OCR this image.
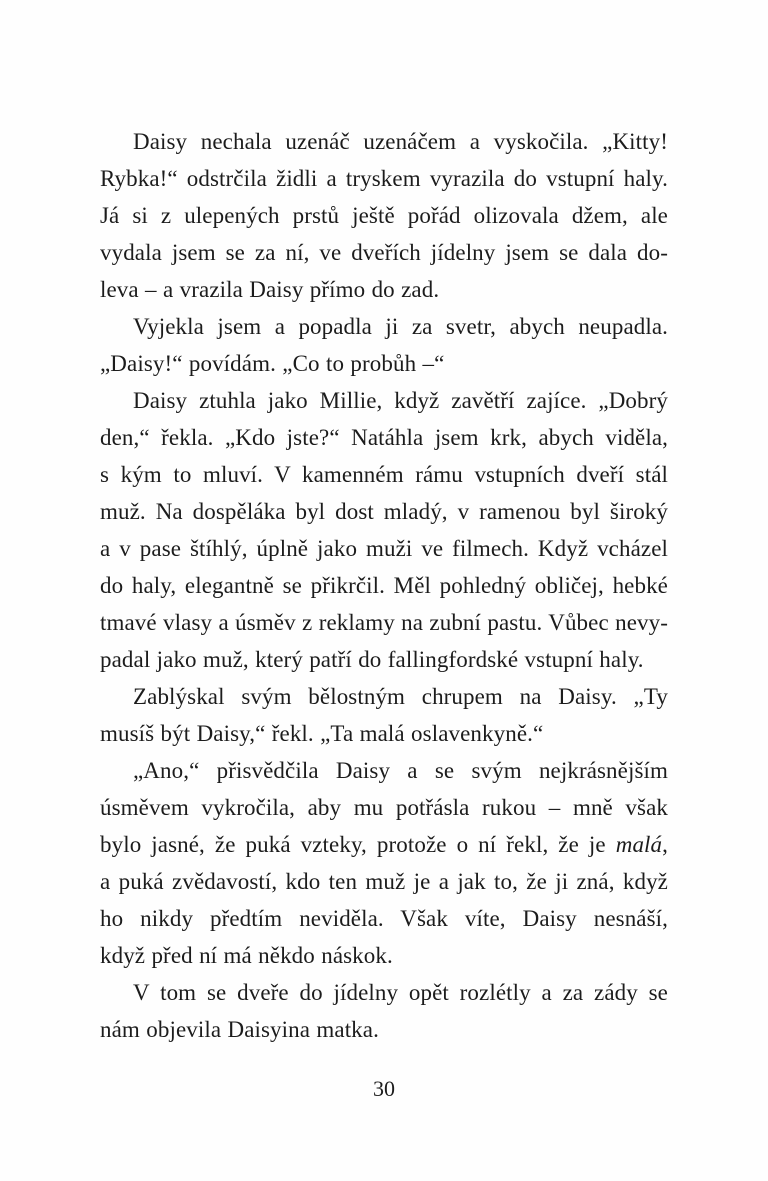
Daisy nechala uzenáč uzenáčem a vyskočila. „Kitty!
Rybka!“ odstrčila židli a tryskem vyrazila do vstupní haly.
Já si z ulepených prstů ještě pořád olizovala džem, ale
vydala jsem se za ní, ve dveřích jídelny jsem se dala do-
leva – a vrazila Daisy přímo do zad.
Vyjekla jsem a popadla ji za svetr, abych neupadla.
„Daisy!“ povídám. „Co to probůh –“
Daisy ztuhla jako Millie, když zavětří zajíce. „Dobrý
den,“ řekla. „Kdo jste?“ Natáhla jsem krk, abych viděla,
s kým to mluví. V kamenném rámu vstupních dveří stál
muž. Na dospěláka byl dost mladý, v ramenou byl široký
a v pase štíhlý, úplně jako muži ve filmech. Když vcházel
do haly, elegantně se přikrčil. Měl pohledný obličej, hebké
tmavé vlasy a úsměv z reklamy na zubní pastu. Vůbec nevy-
padal jako muž, který patří do fallingfordské vstupní haly.
Zablýskal svým bělostným chrupem na Daisy. „Ty
musíš být Daisy,“ řekl. „Ta malá oslavenkyně.“
„Ano,“ přisvědčila Daisy a se svým nejkrásnějším
úsměvem vykročila, aby mu potřásla rukou – mně však
bylo jasné, že puká vzteky, protože o ní řekl, že je malá,
a puká zvědavostí, kdo ten muž je a jak to, že ji zná, když
ho nikdy předtím neviděla. Však víte, Daisy nesnáší,
když před ní má někdo náskok.
V tom se dveře do jídelny opět rozlétly a za zády se
nám objevila Daisyina matka.
30
